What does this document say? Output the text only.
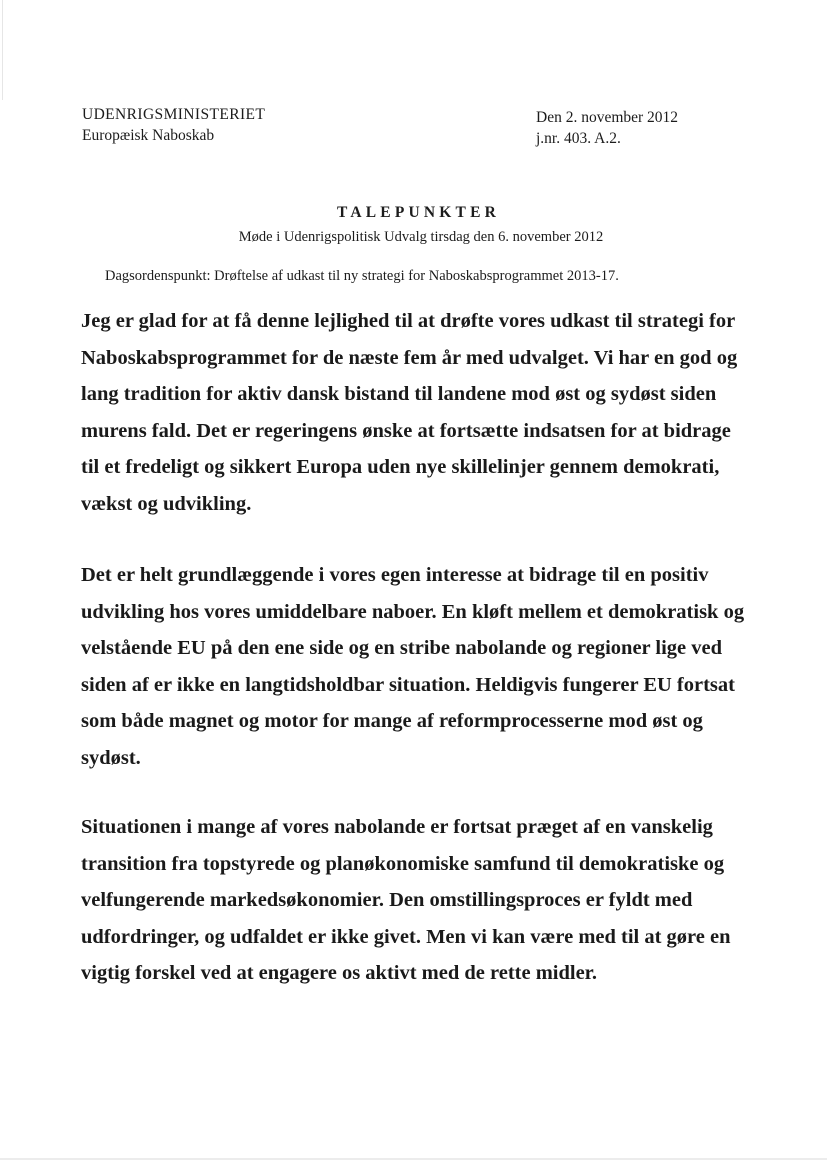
UDENRIGSMINISTERIET
Europæisk Naboskab
Den 2. november 2012
j.nr. 403. A.2.
TALEPUNKTER
Møde i Udenrigspolitisk Udvalg tirsdag den 6. november 2012
Dagsordenspunkt: Drøftelse af udkast til ny strategi for Naboskabsprogrammet 2013-17.

Jeg er glad for at få denne lejlighed til at drøfte vores udkast til strategi for Naboskabsprogrammet for de næste fem år med udvalget. Vi har en god og lang tradition for aktiv dansk bistand til landene mod øst og sydøst siden murens fald. Det er regeringens ønske at fortsætte indsatsen for at bidrage til et fredeligt og sikkert Europa uden nye skillelinjer gennem demokrati, vækst og udvikling.

Det er helt grundlæggende i vores egen interesse at bidrage til en positiv udvikling hos vores umiddelbare naboer. En kløft mellem et demokratisk og velstående EU på den ene side og en stribe nabolande og regioner lige ved siden af er ikke en langtidsholdbar situation. Heldigvis fungerer EU fortsat som både magnet og motor for mange af reformprocesserne mod øst og sydøst.

Situationen i mange af vores nabolande er fortsat præget af en vanskelig transition fra topstyrede og planøkonomiske samfund til demokratiske og velfungerende markedsøkonomier. Den omstillingsproces er fyldt med udfordringer, og udfaldet er ikke givet. Men vi kan være med til at gøre en vigtig forskel ved at engagere os aktivt med de rette midler.
